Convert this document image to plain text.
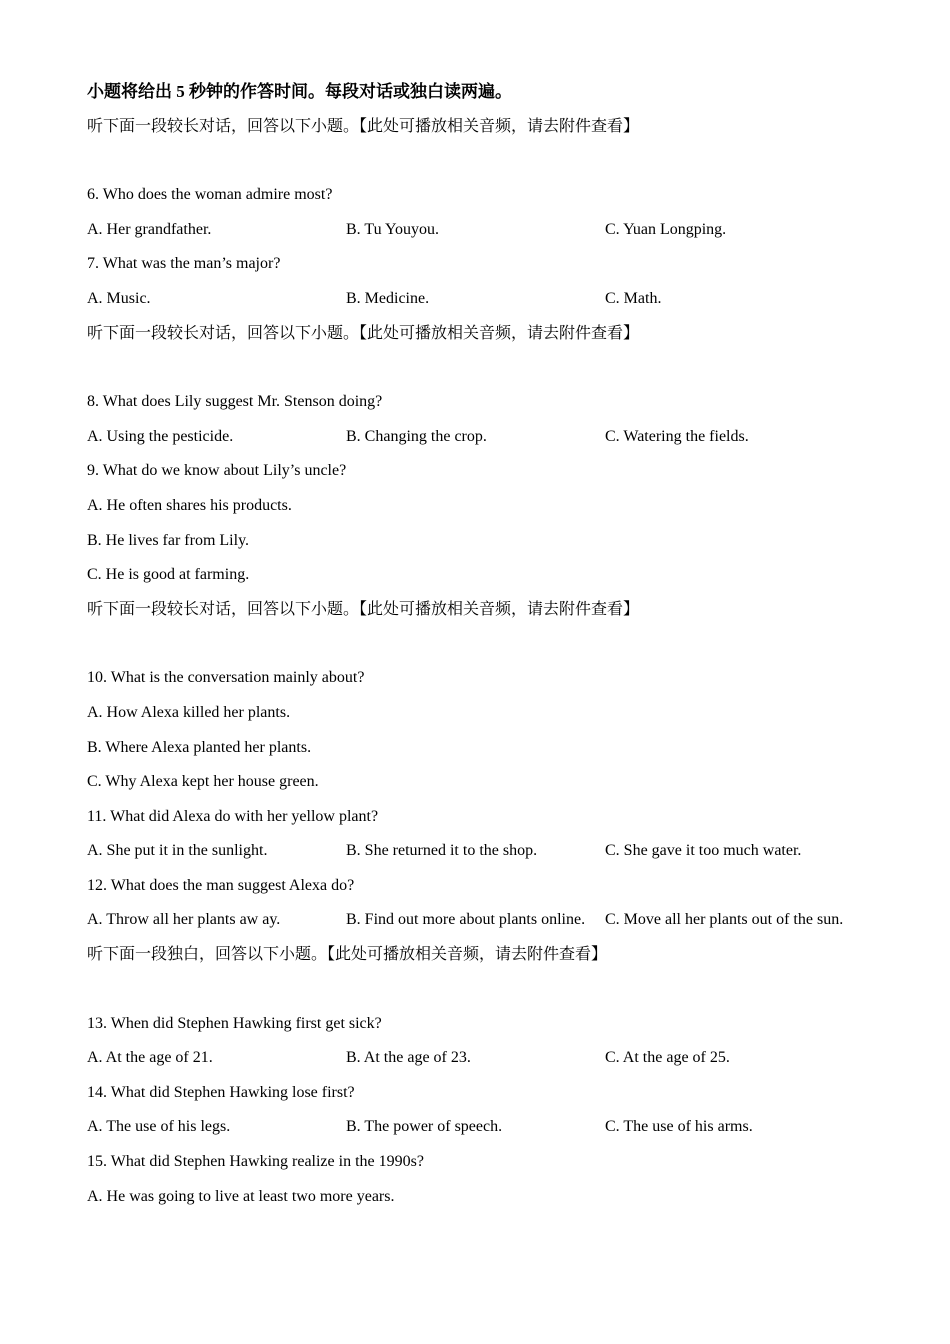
小题将给出 5 秒钟的作答时间。每段对话或独白读两遍。
听下面一段较长对话，回答以下小题。【此处可播放相关音频，请去附件查看】
6. Who does the woman admire most?
A. Her grandfather.	B. Tu Youyou.	C. Yuan Longping.
7. What was the man’s major?
A. Music.	B. Medicine.	C. Math.
听下面一段较长对话，回答以下小题。【此处可播放相关音频，请去附件查看】
8. What does Lily suggest Mr. Stenson doing?
A. Using the pesticide.	B. Changing the crop.	C. Watering the fields.
9. What do we know about Lily’s uncle?
A. He often shares his products.
B. He lives far from Lily.
C. He is good at farming.
听下面一段较长对话，回答以下小题。【此处可播放相关音频，请去附件查看】
10. What is the conversation mainly about?
A. How Alexa killed her plants.
B. Where Alexa planted her plants.
C. Why Alexa kept her house green.
11. What did Alexa do with her yellow plant?
A. She put it in the sunlight.	B. She returned it to the shop.	C. She gave it too much water.
12. What does the man suggest Alexa do?
A. Throw all her plants aw ay.	B. Find out more about plants online.	C. Move all her plants out of the sun.
听下面一段独白，回答以下小题。【此处可播放相关音频，请去附件查看】
13. When did Stephen Hawking first get sick?
A. At the age of 21.	B. At the age of 23.	C. At the age of 25.
14. What did Stephen Hawking lose first?
A. The use of his legs.	B. The power of speech.	C. The use of his arms.
15. What did Stephen Hawking realize in the 1990s?
A. He was going to live at least two more years.
